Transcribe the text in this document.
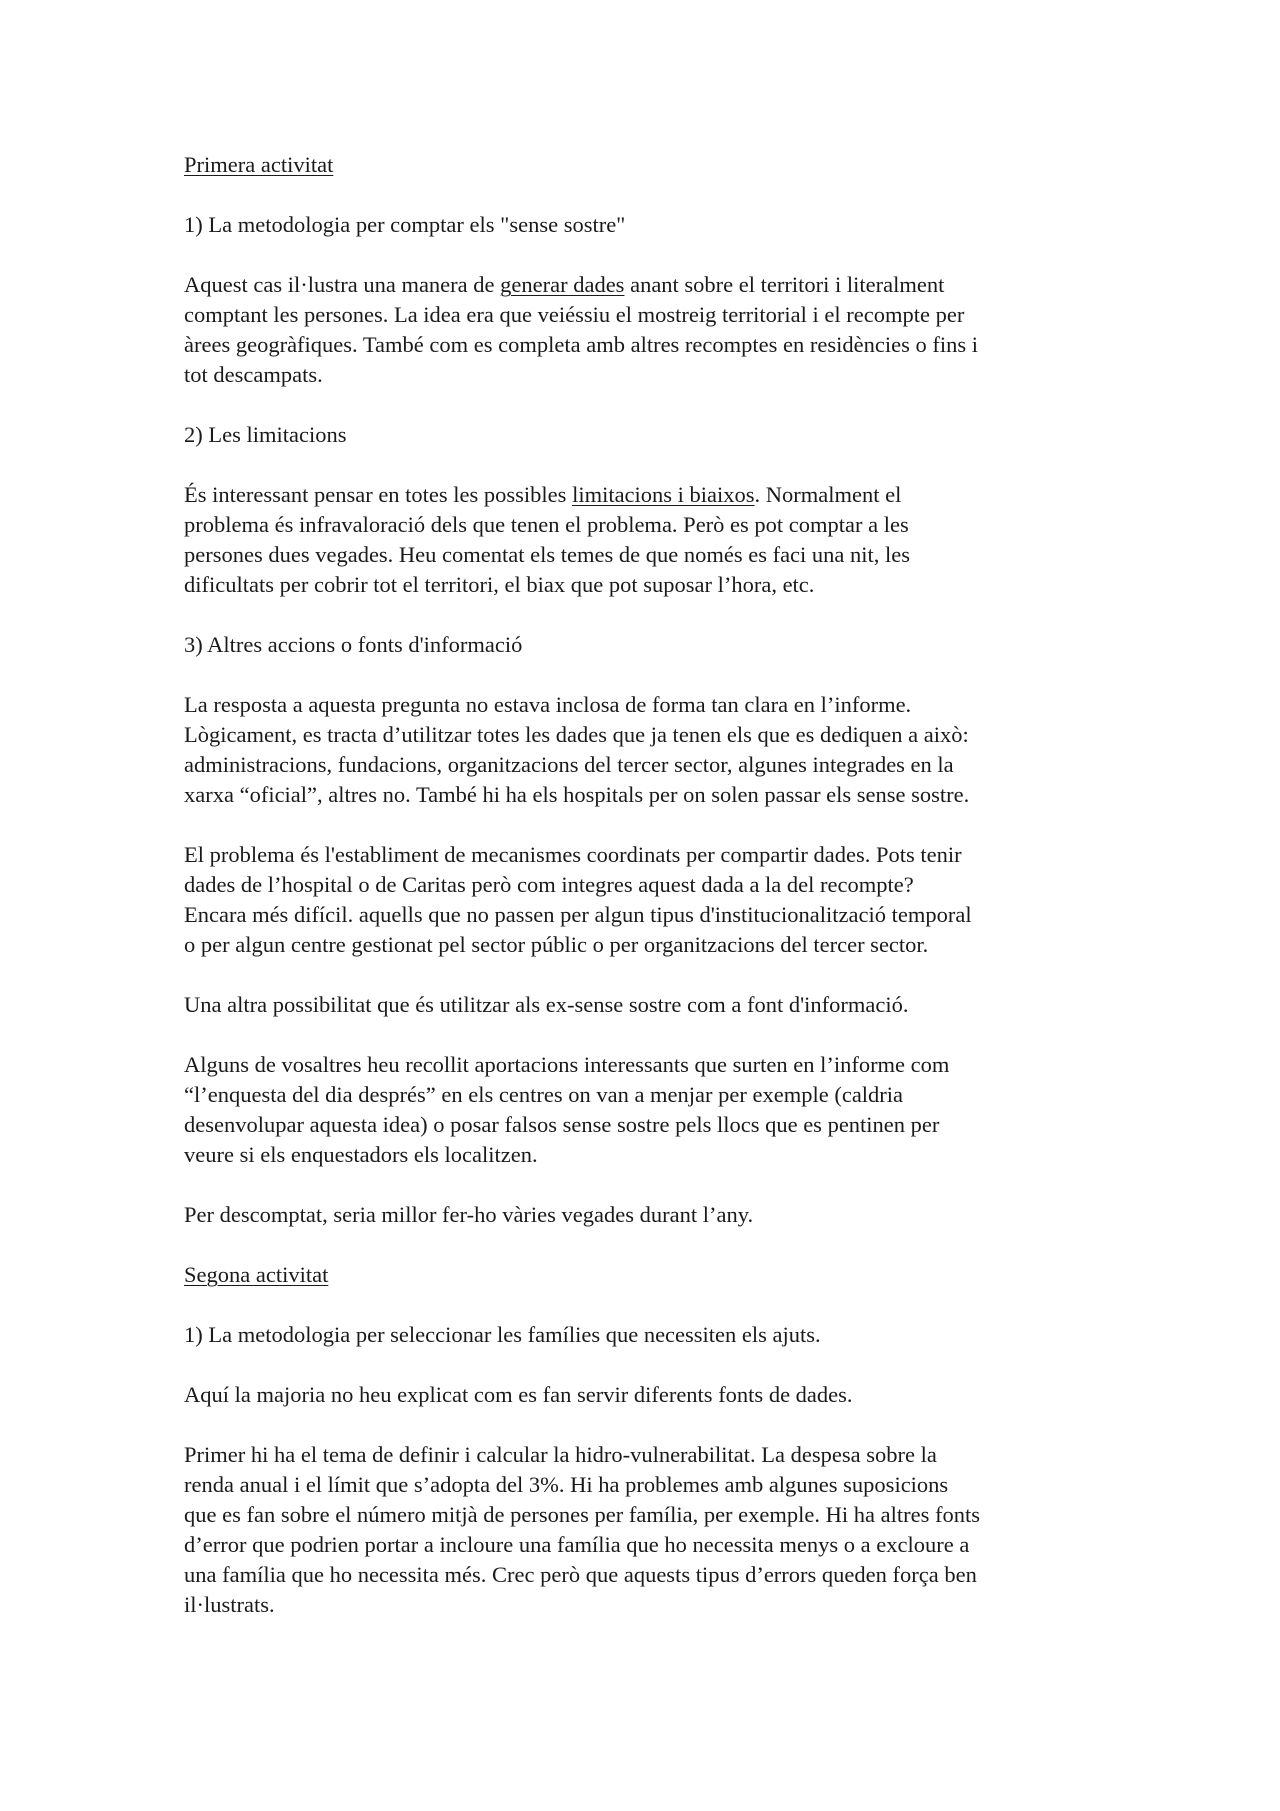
Primera activitat
1) La metodologia per comptar els "sense sostre"
Aquest cas il·lustra una manera de generar dades anant sobre el territori i literalment
comptant les persones. La idea era que veiéssiu el mostreig territorial i el recompte per
àrees geogràfiques. També com es completa amb altres recomptes en residències o fins i
tot descampats.
2) Les limitacions
És interessant pensar en totes les possibles limitacions i biaixos. Normalment el
problema és infravaloració dels que tenen el problema. Però es pot comptar a les
persones dues vegades. Heu comentat els temes de que només es faci una nit, les
dificultats per cobrir tot el territori, el biax que pot suposar l’hora, etc.
3) Altres accions o fonts d'informació
La resposta a aquesta pregunta no estava inclosa de forma tan clara en l’informe.
Lògicament, es tracta d’utilitzar totes les dades que ja tenen els que es dediquen a això:
administracions, fundacions, organitzacions del tercer sector, algunes integrades en la
xarxa “oficial”, altres no. També hi ha els hospitals per on solen passar els sense sostre.
El problema és l'establiment de mecanismes coordinats per compartir dades. Pots tenir
dades de l’hospital o de Caritas però com integres aquest dada a la del recompte?
Encara més difícil. aquells que no passen per algun tipus d'institucionalització temporal
o per algun centre gestionat pel sector públic o per organitzacions del tercer sector.
Una altra possibilitat que és utilitzar als ex-sense sostre com a font d'informació.
Alguns de vosaltres heu recollit aportacions interessants que surten en l’informe com
“l’enquesta del dia després” en els centres on van a menjar per exemple (caldria
desenvolupar aquesta idea) o posar falsos sense sostre pels llocs que es pentinen per
veure si els enquestadors els localitzen.
Per descomptat, seria millor fer-ho vàries vegades durant l’any.
Segona activitat
1) La metodologia per seleccionar les famílies que necessiten els ajuts.
Aquí la majoria no heu explicat com es fan servir diferents fonts de dades.
Primer hi ha el tema de definir i calcular la hidro-vulnerabilitat. La despesa sobre la
renda anual i el límit que s’adopta del 3%. Hi ha problemes amb algunes suposicions
que es fan sobre el número mitjà de persones per família, per exemple. Hi ha altres fonts
d’error que podrien portar a incloure una família que ho necessita menys o a excloure a
una família que ho necessita més. Crec però que aquests tipus d’errors queden força ben
il·lustrats.
